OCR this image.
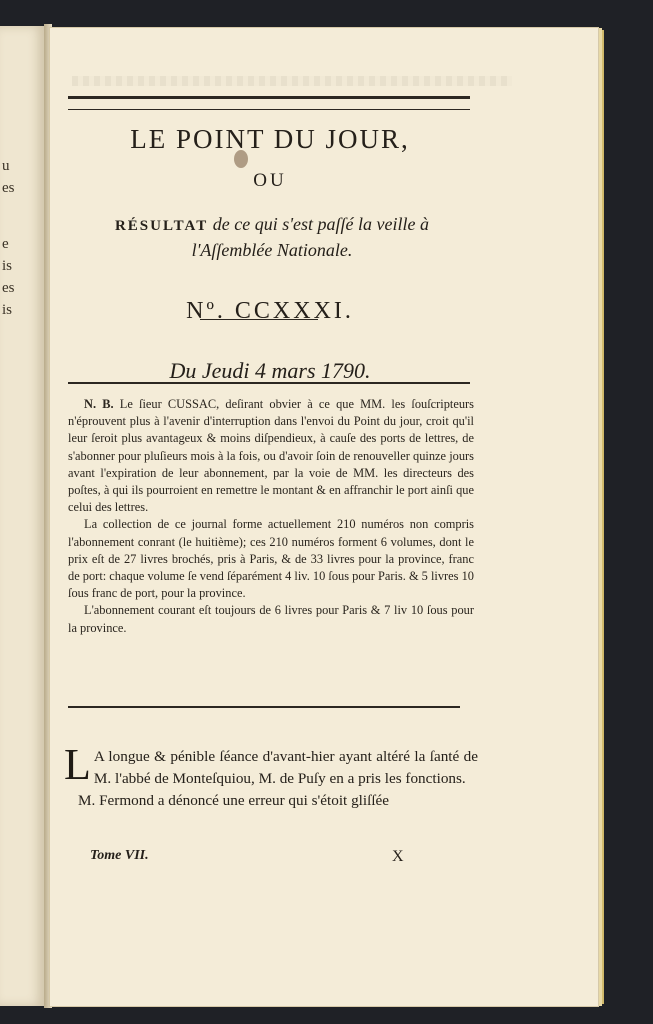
u
es
e
is
es
is
LE POINT DU JOUR,
OU
RÉSULTAT de ce qui s'est paſſé la veille à
l'Aſſemblée Nationale.
Nº. CCXXXI.
Du Jeudi 4 mars 1790.

N. B. Le ſieur CUSSAC, deſirant obvier à ce que MM. les ſouſcripteurs n'éprouvent plus à l'avenir d'interruption dans l'envoi du Point du jour, croit qu'il leur ſeroit plus avantageux & moins diſpendieux, à cauſe des ports de lettres, de s'abonner pour pluſieurs mois à la fois, ou d'avoir ſoin de renouveller quinze jours avant l'expiration de leur abonnement, par la voie de MM. les directeurs des poſtes, à qui ils pourroient en remettre le montant & en affranchir le port ainſi que celui des lettres.

La collection de ce journal forme actuellement 210 numéros non compris l'abonnement conrant (le huitième); ces 210 numéros forment 6 volumes, dont le prix eſt de 27 livres brochés, pris à Paris, & de 33 livres pour la province, franc de port: chaque volume ſe vend ſéparément 4 liv. 10 ſous pour Paris. & 5 livres 10 ſous franc de port, pour la province.

L'abonnement courant eſt toujours de 6 livres pour Paris & 7 liv 10 ſous pour la province.

L A longue & pénible ſéance d'avant-hier ayant altéré la ſanté de M. l'abbé de Monteſquiou, M. de Puſy en a pris les fonctions.

M. Fermond a dénoncé une erreur qui s'étoit gliſſée

Tome VII.	X
